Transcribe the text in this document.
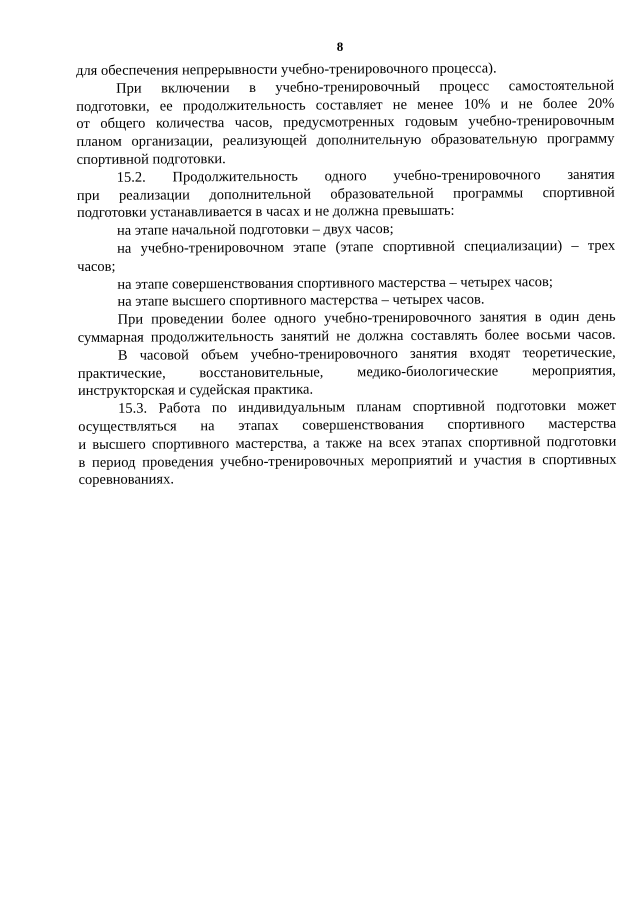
8
для обеспечения непрерывности учебно-тренировочного процесса).
При включении в учебно-тренировочный процесс самостоятельной
подготовки, ее продолжительность составляет не менее 10% и не более 20%
от общего количества часов, предусмотренных годовым учебно-тренировочным
планом организации, реализующей дополнительную образовательную программу
спортивной подготовки.
15.2. Продолжительность одного учебно-тренировочного занятия
при реализации дополнительной образовательной программы спортивной
подготовки устанавливается в часах и не должна превышать:
на этапе начальной подготовки – двух часов;
на учебно-тренировочном этапе (этапе спортивной специализации) – трех
часов;
на этапе совершенствования спортивного мастерства – четырех часов;
на этапе высшего спортивного мастерства – четырех часов.
При проведении более одного учебно-тренировочного занятия в один день
суммарная продолжительность занятий не должна составлять более восьми часов.
В часовой объем учебно-тренировочного занятия входят теоретические,
практические, восстановительные, медико-биологические мероприятия,
инструкторская и судейская практика.
15.3. Работа по индивидуальным планам спортивной подготовки может
осуществляться на этапах совершенствования спортивного мастерства
и высшего спортивного мастерства, а также на всех этапах спортивной подготовки
в период проведения учебно-тренировочных мероприятий и участия в спортивных
соревнованиях.
